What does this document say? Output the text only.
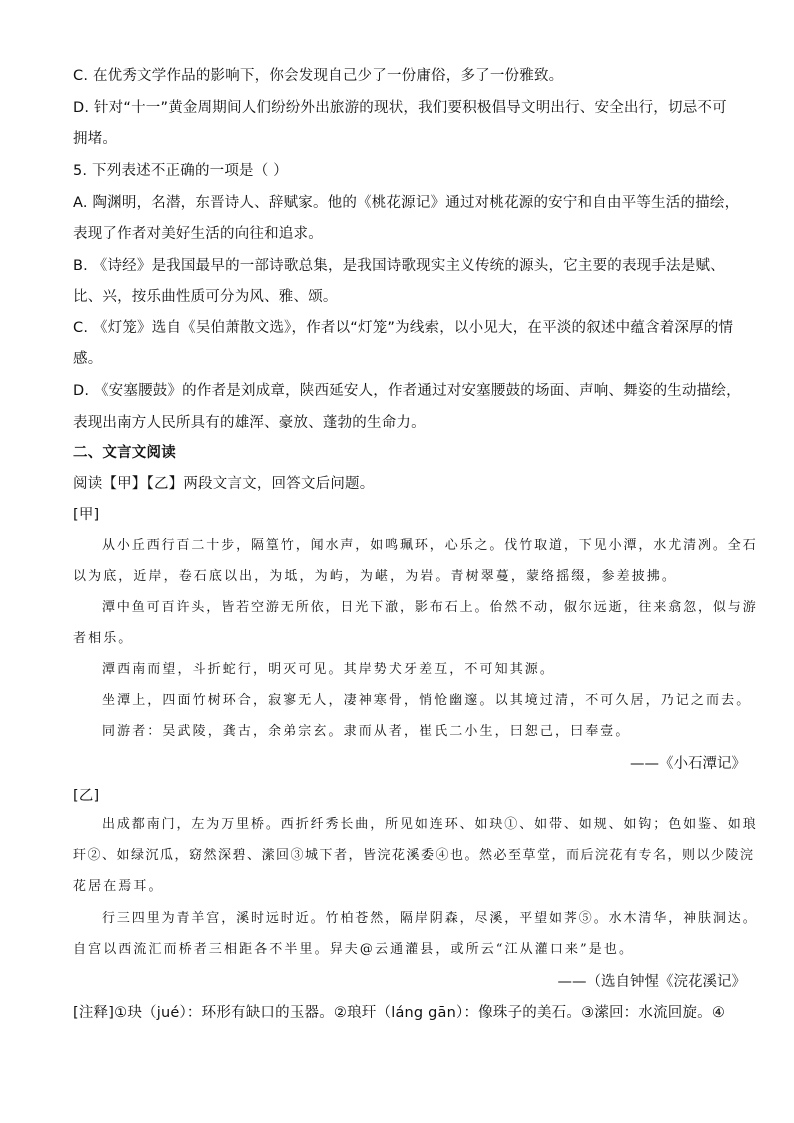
C. 在优秀文学作品的影响下，你会发现自己少了一份庸俗，多了一份雅致。
D. 针对“十一”黄金周期间人们纷纷外出旅游的现状，我们要积极倡导文明出行、安全出行，切忌不可
拥堵。
5. 下列表述不正确的一项是（ ）
A. 陶渊明，名潜，东晋诗人、辞赋家。他的《桃花源记》通过对桃花源的安宁和自由平等生活的描绘，
表现了作者对美好生活的向往和追求。
B. 《诗经》是我国最早的一部诗歌总集，是我国诗歌现实主义传统的源头，它主要的表现手法是赋、
比、兴，按乐曲性质可分为风、雅、颂。
C. 《灯笼》选自《吴伯萧散文选》，作者以“灯笼”为线索，以小见大，在平淡的叙述中蕴含着深厚的情
感。
D. 《安塞腰鼓》的作者是刘成章，陕西延安人，作者通过对安塞腰鼓的场面、声响、舞姿的生动描绘，
表现出南方人民所具有的雄浑、豪放、蓬勃的生命力。
二、文言文阅读
阅读【甲】【乙】两段文言文，回答文后问题。
[甲]
从小丘西行百二十步，隔篁竹，闻水声，如鸣珮环，心乐之。伐竹取道，下见小潭，水尤清冽。全石
以为底，近岸，卷石底以出，为坻，为屿，为嵁，为岩。青树翠蔓，蒙络摇缀，参差披拂。
潭中鱼可百许头，皆若空游无所依，日光下澈，影布石上。佁然不动，俶尔远逝，往来翕忽，似与游
者相乐。
潭西南而望，斗折蛇行，明灭可见。其岸势犬牙差互，不可知其源。
坐潭上，四面竹树环合，寂寥无人，凄神寒骨，悄怆幽邃。以其境过清，不可久居，乃记之而去。
同游者：吴武陵，龚古，余弟宗玄。隶而从者，崔氏二小生，曰恕己，曰奉壹。
——《小石潭记》
[乙]
出成都南门，左为万里桥。西折纤秀长曲，所见如连环、如玦①、如带、如规、如钩；色如鉴、如琅
玕②、如绿沉瓜，窈然深碧、潆回③城下者，皆浣花溪委④也。然必至草堂，而后浣花有专名，则以少陵浣
花居在焉耳。
行三四里为青羊宫，溪时远时近。竹柏苍然，隔岸阴森，尽溪，平望如荠⑤。水木清华，神肤洞达。
自宫以西流汇而桥者三相距各不半里。舁夫@云通灌县，或所云“江从灌口来”是也。
——（选自钟惺《浣花溪记》
[注释]①玦（jué）：环形有缺口的玉器。②琅玕（láng gān）：像珠子的美石。③潆回：水流回旋。④
